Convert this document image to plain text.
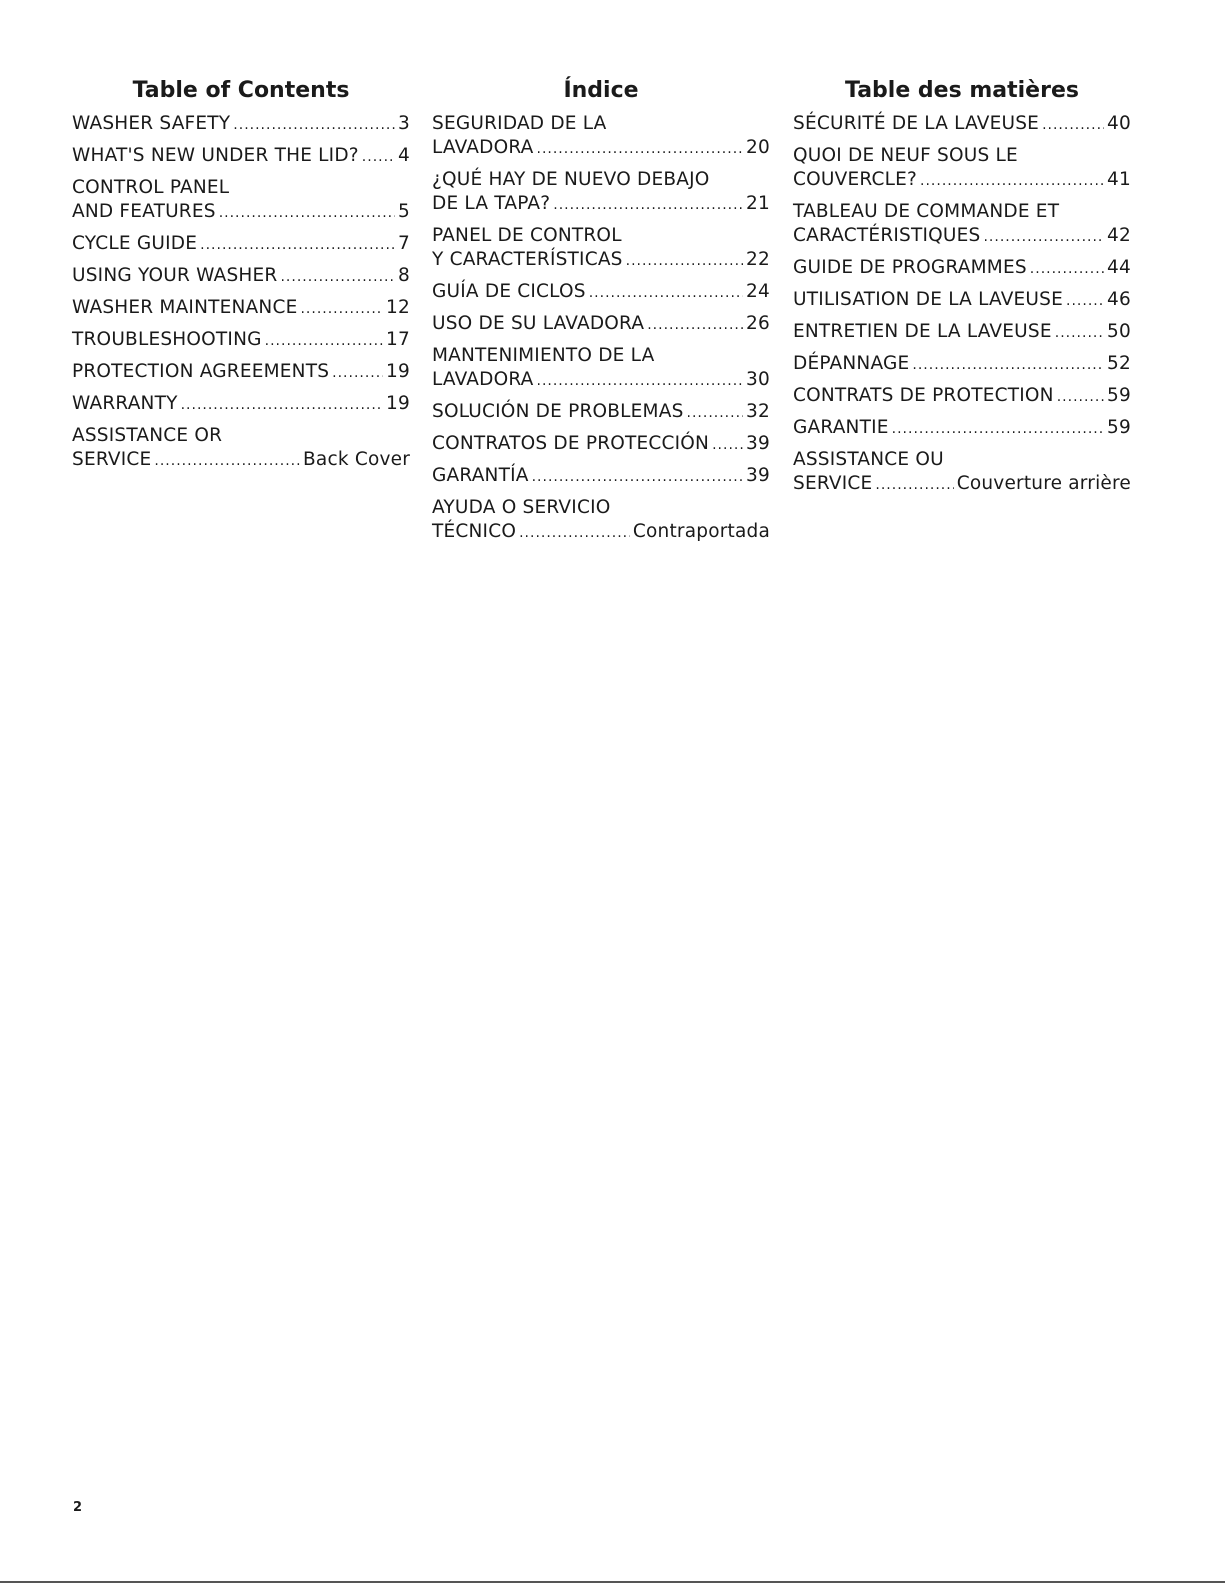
Table of Contents
WASHER SAFETY .....	3
WHAT'S NEW UNDER THE LID? ..... 4
CONTROL PANEL
AND FEATURES .....	5
CYCLE GUIDE .....	7
USING YOUR WASHER .....	8
WASHER MAINTENANCE .....	12
TROUBLESHOOTING .....	17
PROTECTION AGREEMENTS .....	19
WARRANTY .....	19
ASSISTANCE OR
SERVICE .....	Back Cover
Índice
SEGURIDAD DE LA
LAVADORA .....	20
¿QUÉ HAY DE NUEVO DEBAJO
DE LA TAPA? .....	21
PANEL DE CONTROL
Y CARACTERÍSTICAS .....	22
GUÍA DE CICLOS .....	24
USO DE SU LAVADORA .....	26
MANTENIMIENTO DE LA
LAVADORA .....	30
SOLUCIÓN DE PROBLEMAS .....	32
CONTRATOS DE PROTECCIÓN ..... 39
GARANTÍA .....	39
AYUDA O SERVICIO
TÉCNICO .....	Contraportada
Table des matières
SÉCURITÉ DE LA LAVEUSE .....	40
QUOI DE NEUF SOUS LE
COUVERCLE? .....	41
TABLEAU DE COMMANDE ET
CARACTÉRISTIQUES .....	42
GUIDE DE PROGRAMMES .....	44
UTILISATION DE LA LAVEUSE ..... 46
ENTRETIEN DE LA LAVEUSE .....	50
DÉPANNAGE .....	52
CONTRATS DE PROTECTION .....	59
GARANTIE .....	59
ASSISTANCE OU
SERVICE .....	Couverture arrière
2
